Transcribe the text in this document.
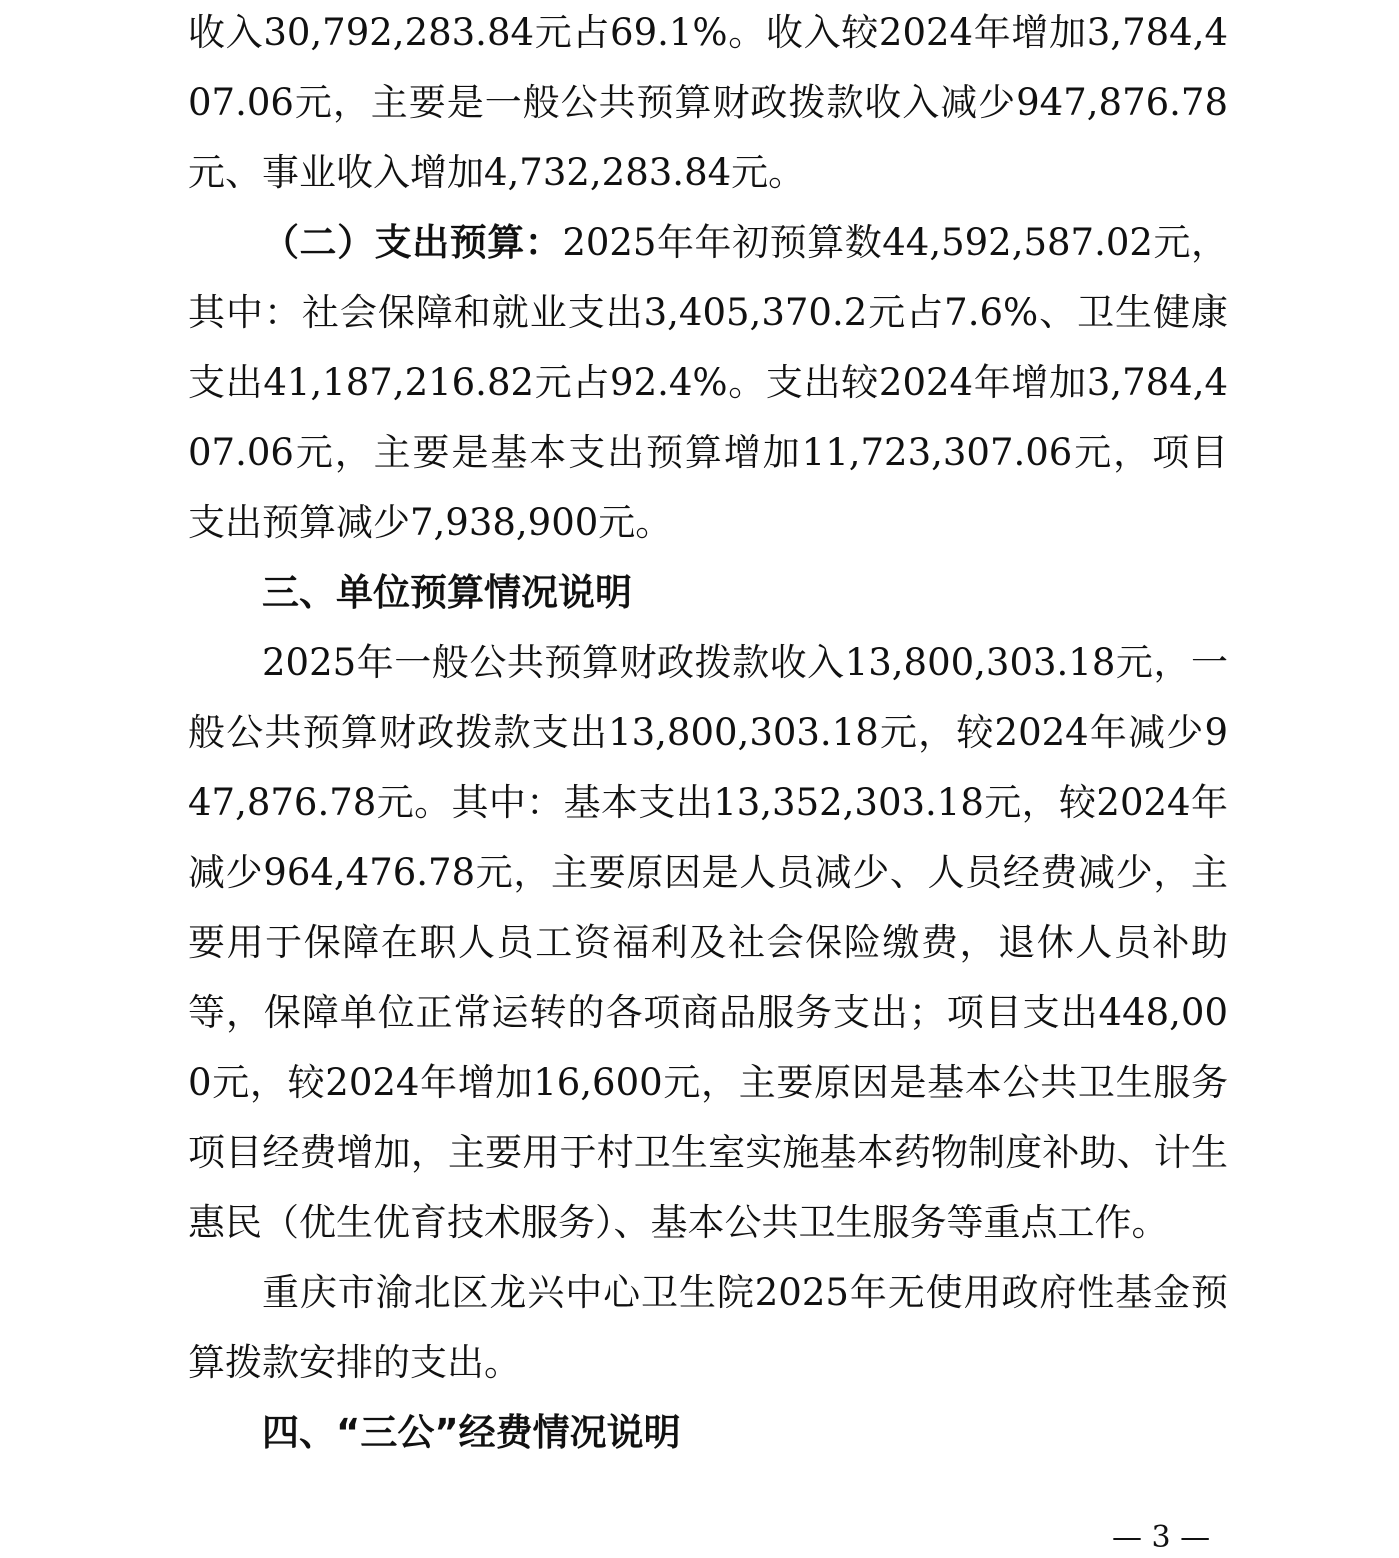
收入30,792,283.84元占69.1%。收入较2024年增加3,784,407.06元，主要是一般公共预算财政拨款收入减少947,876.78元、事业收入增加4,732,283.84元。

（二）支出预算：2025年年初预算数44,592,587.02元，其中：社会保障和就业支出3,405,370.2元占7.6%、卫生健康支出41,187,216.82元占92.4%。支出较2024年增加3,784,407.06元，主要是基本支出预算增加11,723,307.06元，项目支出预算减少7,938,900元。

三、单位预算情况说明

2025年一般公共预算财政拨款收入13,800,303.18元，一般公共预算财政拨款支出13,800,303.18元，较2024年减少947,876.78元。其中：基本支出13,352,303.18元，较2024年减少964,476.78元，主要原因是人员减少、人员经费减少，主要用于保障在职人员工资福利及社会保险缴费，退休人员补助等，保障单位正常运转的各项商品服务支出；项目支出448,000元，较2024年增加16,600元，主要原因是基本公共卫生服务项目经费增加，主要用于村卫生室实施基本药物制度补助、计生惠民（优生优育技术服务）、基本公共卫生服务等重点工作。

重庆市渝北区龙兴中心卫生院2025年无使用政府性基金预算拨款安排的支出。

四、“三公”经费情况说明
— 3 —
